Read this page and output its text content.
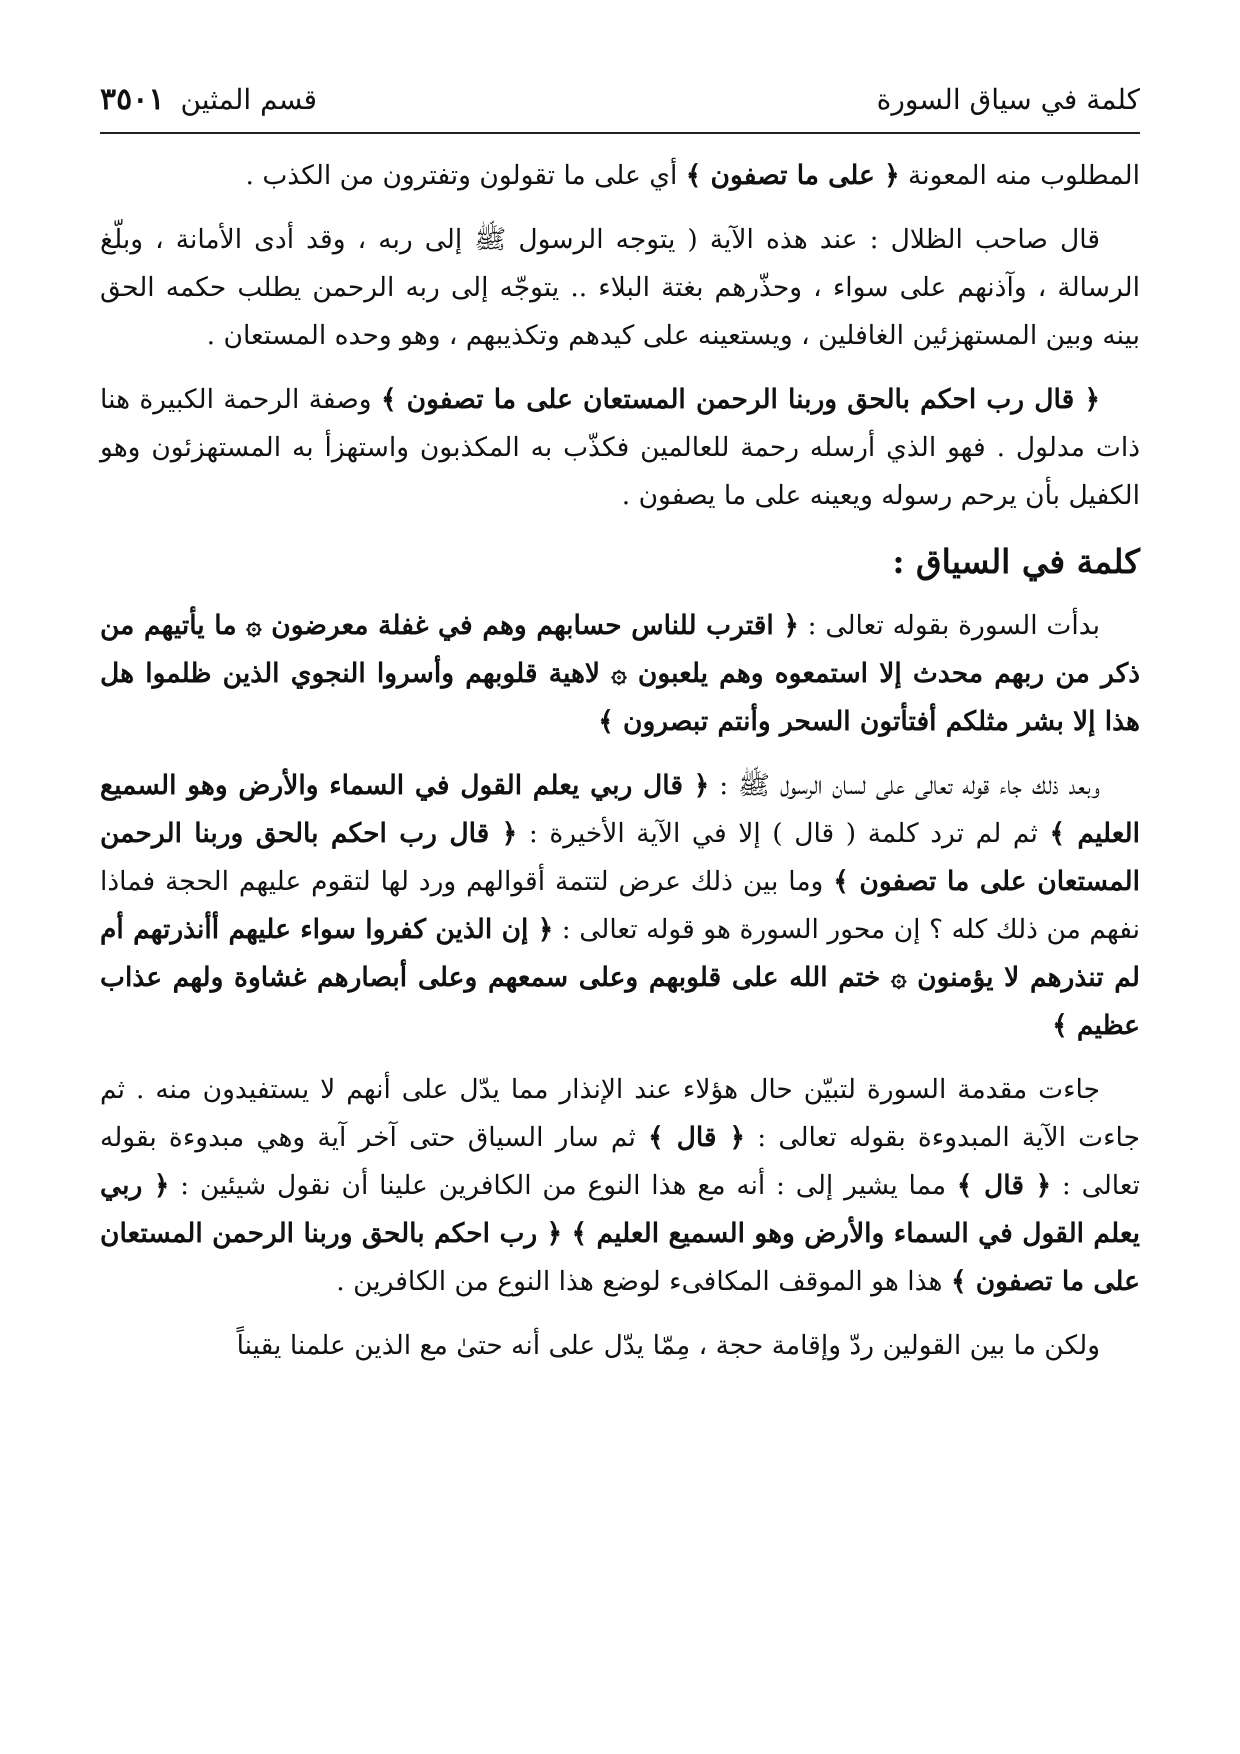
كلمة في سياق السورة
قسم المثين
٣٥٠١

المطلوب منه المعونة ﴿ على ما تصفون ﴾ أي على ما تقولون وتفترون من الكذب .

قال صاحب الظلال : عند هذه الآية ( يتوجه الرسول ﷺ إلى ربه ، وقد أدى الأمانة ، وبلّغ الرسالة ، وآذنهم على سواء ، وحذّرهم بغتة البلاء .. يتوجّه إلى ربه الرحمن يطلب حكمه الحق بينه وبين المستهزئين الغافلين ، ويستعينه على كيدهم وتكذيبهم ، وهو وحده المستعان .

﴿ قال رب احكم بالحق وربنا الرحمن المستعان على ما تصفون ﴾ وصفة الرحمة الكبيرة هنا ذات مدلول . فهو الذي أرسله رحمة للعالمين فكذّب به المكذبون واستهزأ به المستهزئون وهو الكفيل بأن يرحم رسوله ويعينه على ما يصفون .

كلمة في السياق :

بدأت السورة بقوله تعالى : ﴿ اقترب للناس حسابهم وهم في غفلة معرضون ۞ ما يأتيهم من ذكر من ربهم محدث إلا استمعوه وهم يلعبون ۞ لاهية قلوبهم وأسروا النجوي الذين ظلموا هل هذا إلا بشر مثلكم أفتأتون السحر وأنتم تبصرون ﴾

وبعد ذلك جاء قوله تعالى على لسان الرسول ﷺ : ﴿ قال ربي يعلم القول في السماء والأرض وهو السميع العليم ﴾ ثم لم ترد كلمة ( قال ) إلا في الآية الأخيرة : ﴿ قال رب احكم بالحق وربنا الرحمن المستعان على ما تصفون ﴾ وما بين ذلك عرض لتتمة أقوالهم ورد لها لتقوم عليهم الحجة فماذا نفهم من ذلك كله ؟ إن محور السورة هو قوله تعالى : ﴿ إن الذين كفروا سواء عليهم أأنذرتهم أم لم تنذرهم لا يؤمنون ۞ ختم الله على قلوبهم وعلى سمعهم وعلى أبصارهم غشاوة ولهم عذاب عظيم ﴾

جاءت مقدمة السورة لتبيّن حال هؤلاء عند الإنذار مما يدّل على أنهم لا يستفيدون منه . ثم جاءت الآية المبدوءة بقوله تعالى : ﴿ قال ﴾ ثم سار السياق حتى آخر آية وهي مبدوءة بقوله تعالى : ﴿ قال ﴾ مما يشير إلى : أنه مع هذا النوع من الكافرين علينا أن نقول شيئين : ﴿ ربي يعلم القول في السماء والأرض وهو السميع العليم ﴾ ﴿ رب احكم بالحق وربنا الرحمن المستعان على ما تصفون ﴾ هذا هو الموقف المكافىء لوضع هذا النوع من الكافرين .

ولكن ما بين القولين ردّ وإقامة حجة ، مِمّا يدّل على أنه حتىٰ مع الذين علمنا يقيناً
